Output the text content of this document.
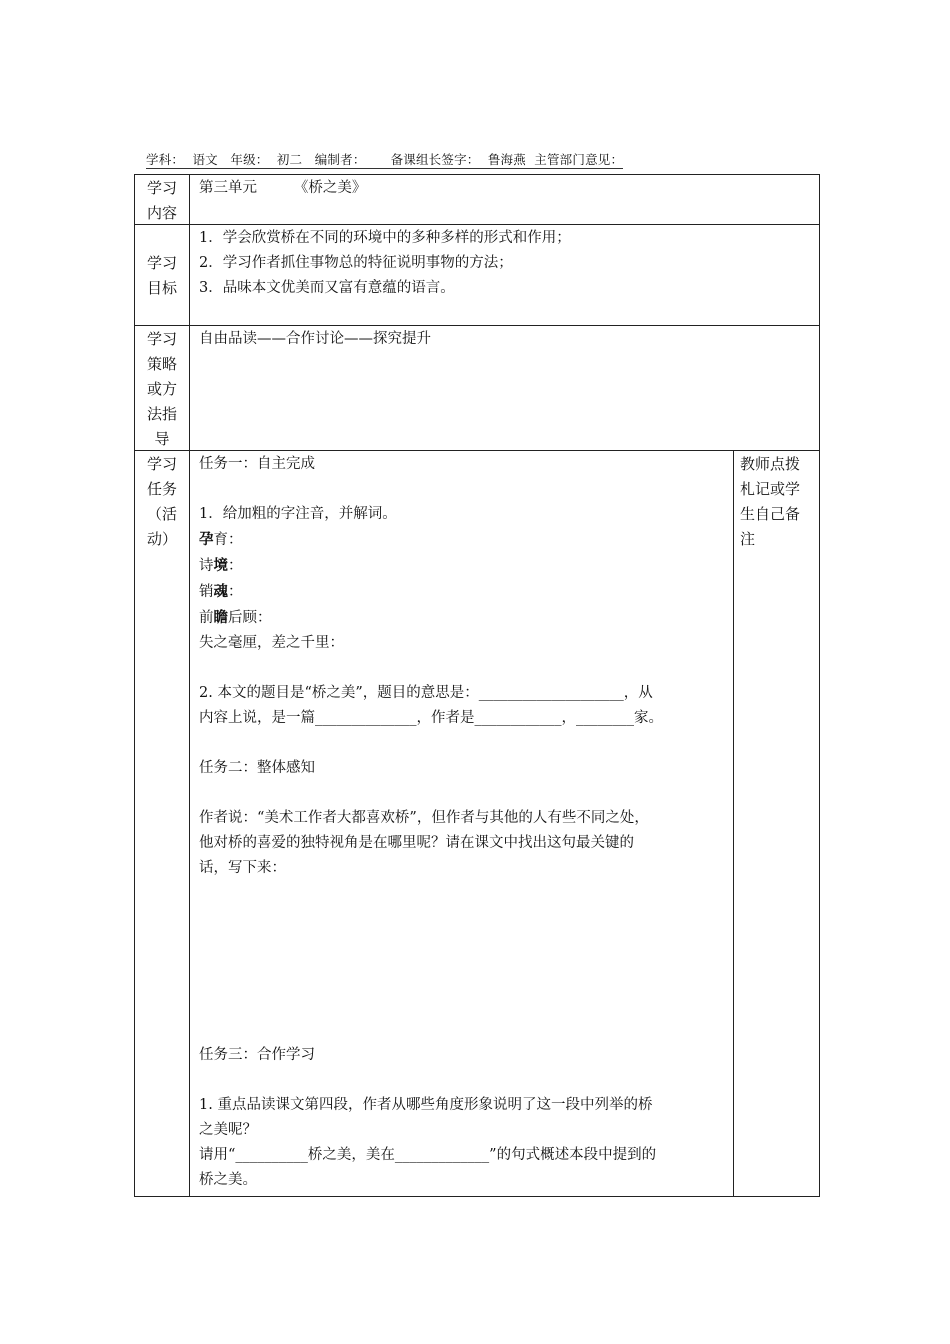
学科：  语文   年级：  初二   编制者：      备课组长签字：  鲁海燕  主管部门意见：
学习
内容
第三单元        《桥之美》
学习
目标
1．学会欣赏桥在不同的环境中的多种多样的形式和作用；
2．学习作者抓住事物总的特征说明事物的方法；
3．品味本文优美而又富有意蕴的语言。
学习
策略
或方
法指
导
自由品读——合作讨论——探究提升
学习
任务
（活
动）
任务一：自主完成
1．给加粗的字注音，并解词。
孕育：
诗境：
销魂：
前瞻后顾：
失之毫厘，差之千里：
2. 本文的题目是“桥之美”，题目的意思是：____________________，从
内容上说，是一篇______________，作者是____________，________家。
任务二：整体感知
作者说：“美术工作者大都喜欢桥”，但作者与其他的人有些不同之处，
他对桥的喜爱的独特视角是在哪里呢？请在课文中找出这句最关键的
话，写下来：
任务三：合作学习
1. 重点品读课文第四段，作者从哪些角度形象说明了这一段中列举的桥
之美呢？
请用“__________桥之美，美在_____________”的句式概述本段中提到的
桥之美。
教师点拨
札记或学
生自己备
注
